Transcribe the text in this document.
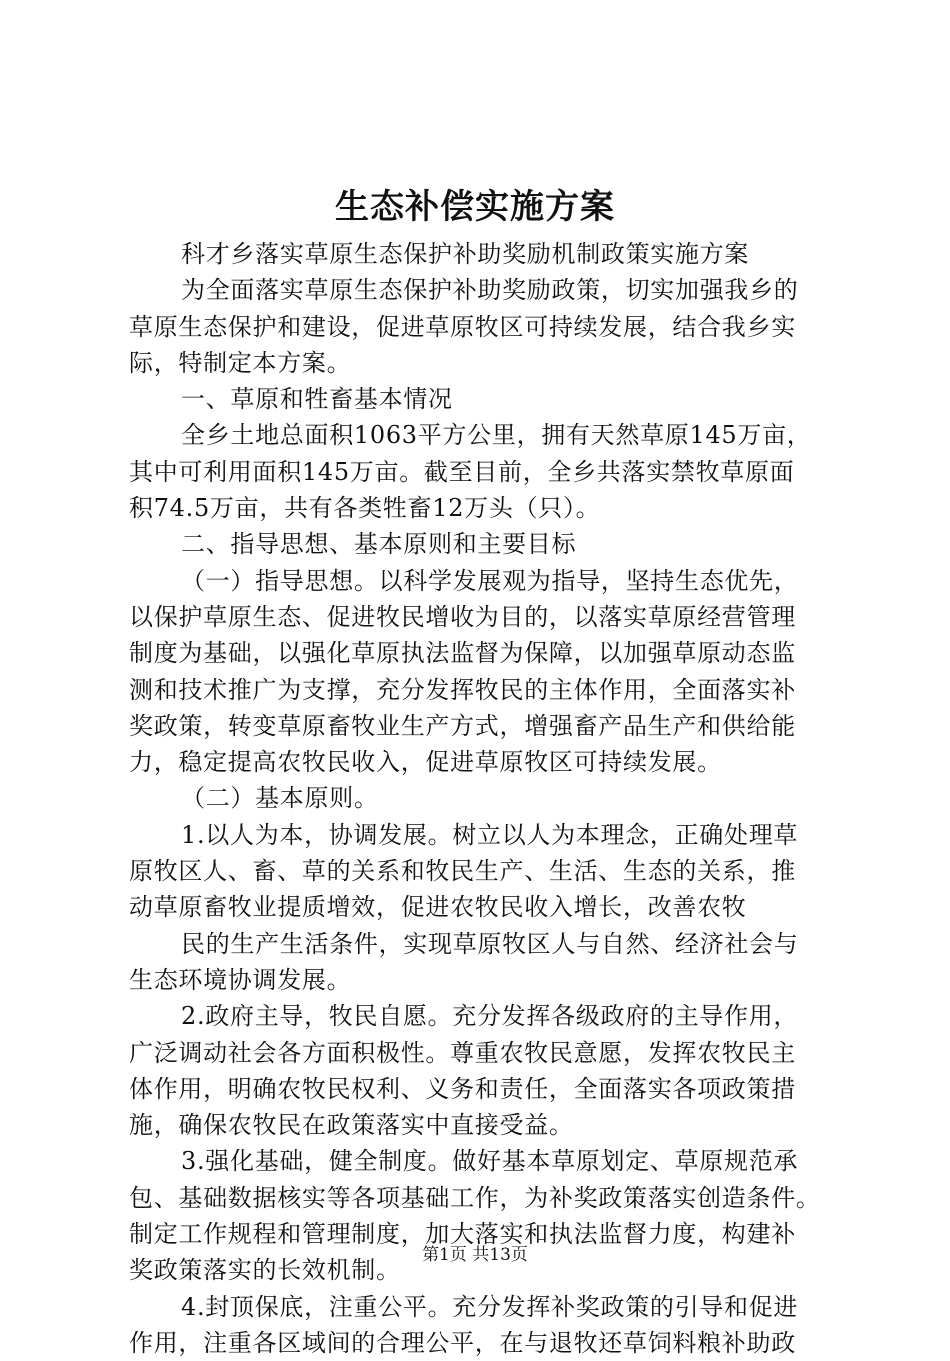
生态补偿实施方案
科才乡落实草原生态保护补助奖励机制政策实施方案
为全面落实草原生态保护补助奖励政策，切实加强我乡的
草原生态保护和建设，促进草原牧区可持续发展，结合我乡实
际，特制定本方案。
一、草原和牲畜基本情况
全乡土地总面积1063平方公里，拥有天然草原145万亩，
其中可利用面积145万亩。截至目前，全乡共落实禁牧草原面
积74.5万亩，共有各类牲畜12万头（只）。
二、指导思想、基本原则和主要目标
（一）指导思想。以科学发展观为指导，坚持生态优先，
以保护草原生态、促进牧民增收为目的，以落实草原经营管理
制度为基础，以强化草原执法监督为保障，以加强草原动态监
测和技术推广为支撑，充分发挥牧民的主体作用，全面落实补
奖政策，转变草原畜牧业生产方式，增强畜产品生产和供给能
力，稳定提高农牧民收入，促进草原牧区可持续发展。
（二）基本原则。
1.以人为本，协调发展。树立以人为本理念，正确处理草
原牧区人、畜、草的关系和牧民生产、生活、生态的关系，推
动草原畜牧业提质增效，促进农牧民收入增长，改善农牧
民的生产生活条件，实现草原牧区人与自然、经济社会与
生态环境协调发展。
2.政府主导，牧民自愿。充分发挥各级政府的主导作用，
广泛调动社会各方面积极性。尊重农牧民意愿，发挥农牧民主
体作用，明确农牧民权利、义务和责任，全面落实各项政策措
施，确保农牧民在政策落实中直接受益。
3.强化基础，健全制度。做好基本草原划定、草原规范承
包、基础数据核实等各项基础工作，为补奖政策落实创造条件。
制定工作规程和管理制度，加大落实和执法监督力度，构建补
奖政策落实的长效机制。
4.封顶保底，注重公平。充分发挥补奖政策的引导和促进
作用，注重各区域间的合理公平，在与退牧还草饲料粮补助政
第1页 共13页
